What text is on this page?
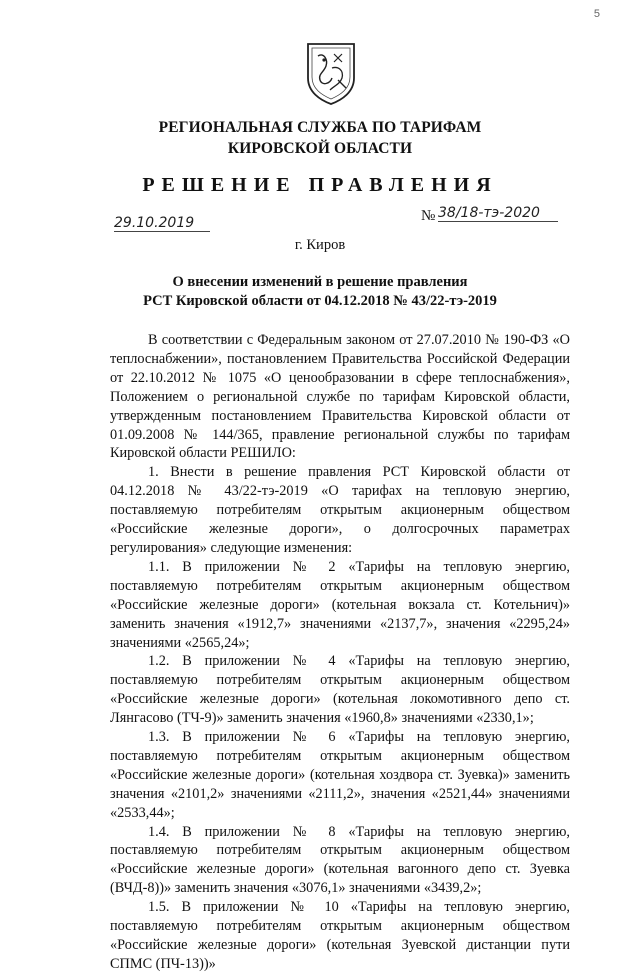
5
РЕГИОНАЛЬНАЯ СЛУЖБА ПО ТАРИФАМ
КИРОВСКОЙ ОБЛАСТИ
РЕШЕНИЕ ПРАВЛЕНИЯ
29.10.2019	№ 38/18-тэ-2020
г. Киров
О внесении изменений в решение правления
РСТ Кировской области от 04.12.2018 № 43/22-тэ-2019

В соответствии с Федеральным законом от 27.07.2010 № 190-ФЗ «О теплоснабжении», постановлением Правительства Российской Федерации от 22.10.2012 № 1075 «О ценообразовании в сфере теплоснабжения», Положением о региональной службе по тарифам Кировской области, утвержденным постановлением Правительства Кировской области от 01.09.2008 № 144/365, правление региональной службы по тарифам Кировской области РЕШИЛО:

1. Внести в решение правления РСТ Кировской области от 04.12.2018 № 43/22-тэ-2019 «О тарифах на тепловую энергию, поставляемую потребителям открытым акционерным обществом «Российские железные дороги», о долгосрочных параметрах регулирования» следующие изменения:

1.1. В приложении № 2 «Тарифы на тепловую энергию, поставляемую потребителям открытым акционерным обществом «Российские железные дороги» (котельная вокзала ст. Котельнич)» заменить значения «1912,7» значениями «2137,7», значения «2295,24» значениями «2565,24»;

1.2. В приложении № 4 «Тарифы на тепловую энергию, поставляемую потребителям открытым акционерным обществом «Российские железные дороги» (котельная локомотивного депо ст. Лянгасово (ТЧ-9)» заменить значения «1960,8» значениями «2330,1»;

1.3. В приложении № 6 «Тарифы на тепловую энергию, поставляемую потребителям открытым акционерным обществом «Российские железные дороги» (котельная хоздвора ст. Зуевка)» заменить значения «2101,2» значениями «2111,2», значения «2521,44» значениями «2533,44»;

1.4. В приложении № 8 «Тарифы на тепловую энергию, поставляемую потребителям открытым акционерным обществом «Российские железные дороги» (котельная вагонного депо ст. Зуевка (ВЧД-8))» заменить значения «3076,1» значениями «3439,2»;

1.5. В приложении № 10 «Тарифы на тепловую энергию, поставляемую потребителям открытым акционерным обществом «Российские железные дороги» (котельная Зуевской дистанции пути СПМС (ПЧ-13))»
